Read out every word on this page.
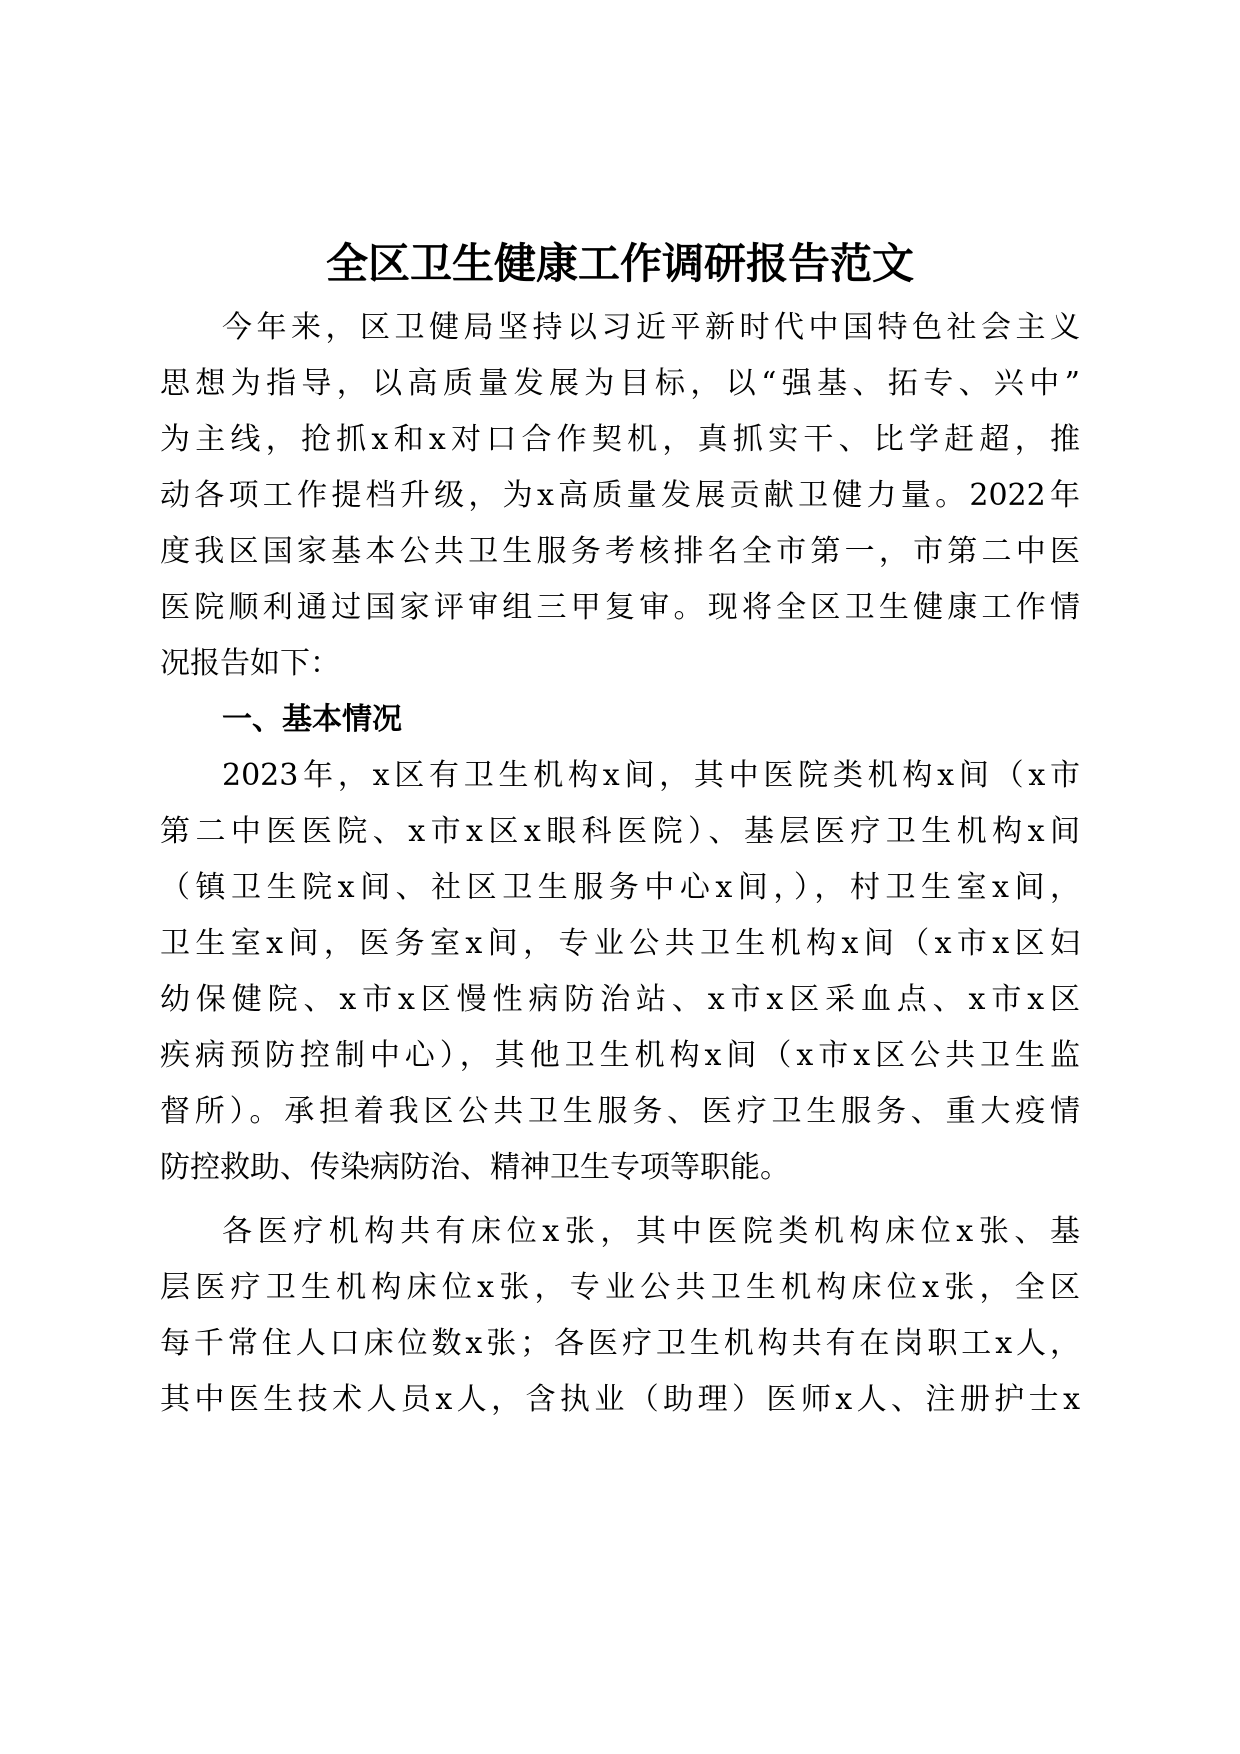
全区卫生健康工作调研报告范文
今年来，区卫健局坚持以习近平新时代中国特色社会主义
思想为指导，以高质量发展为目标，以“强基、拓专、兴中”
为主线，抢抓x和x对口合作契机，真抓实干、比学赶超，推
动各项工作提档升级，为x高质量发展贡献卫健力量。2022年
度我区国家基本公共卫生服务考核排名全市第一，市第二中医
医院顺利通过国家评审组三甲复审。现将全区卫生健康工作情
况报告如下：
一、基本情况
2023年，x区有卫生机构x间，其中医院类机构x间（x市
第二中医医院、x市x区x眼科医院）、基层医疗卫生机构x间
（镇卫生院x间、社区卫生服务中心x间，），村卫生室x间，
卫生室x间，医务室x间，专业公共卫生机构x间（x市x区妇
幼保健院、x市x区慢性病防治站、x市x区采血点、x市x区
疾病预防控制中心），其他卫生机构x间（x市x区公共卫生监
督所）。承担着我区公共卫生服务、医疗卫生服务、重大疫情
防控救助、传染病防治、精神卫生专项等职能。
各医疗机构共有床位x张，其中医院类机构床位x张、基
层医疗卫生机构床位x张，专业公共卫生机构床位x张，全区
每千常住人口床位数x张；各医疗卫生机构共有在岗职工x人，
其中医生技术人员x人，含执业（助理）医师x人、注册护士x
